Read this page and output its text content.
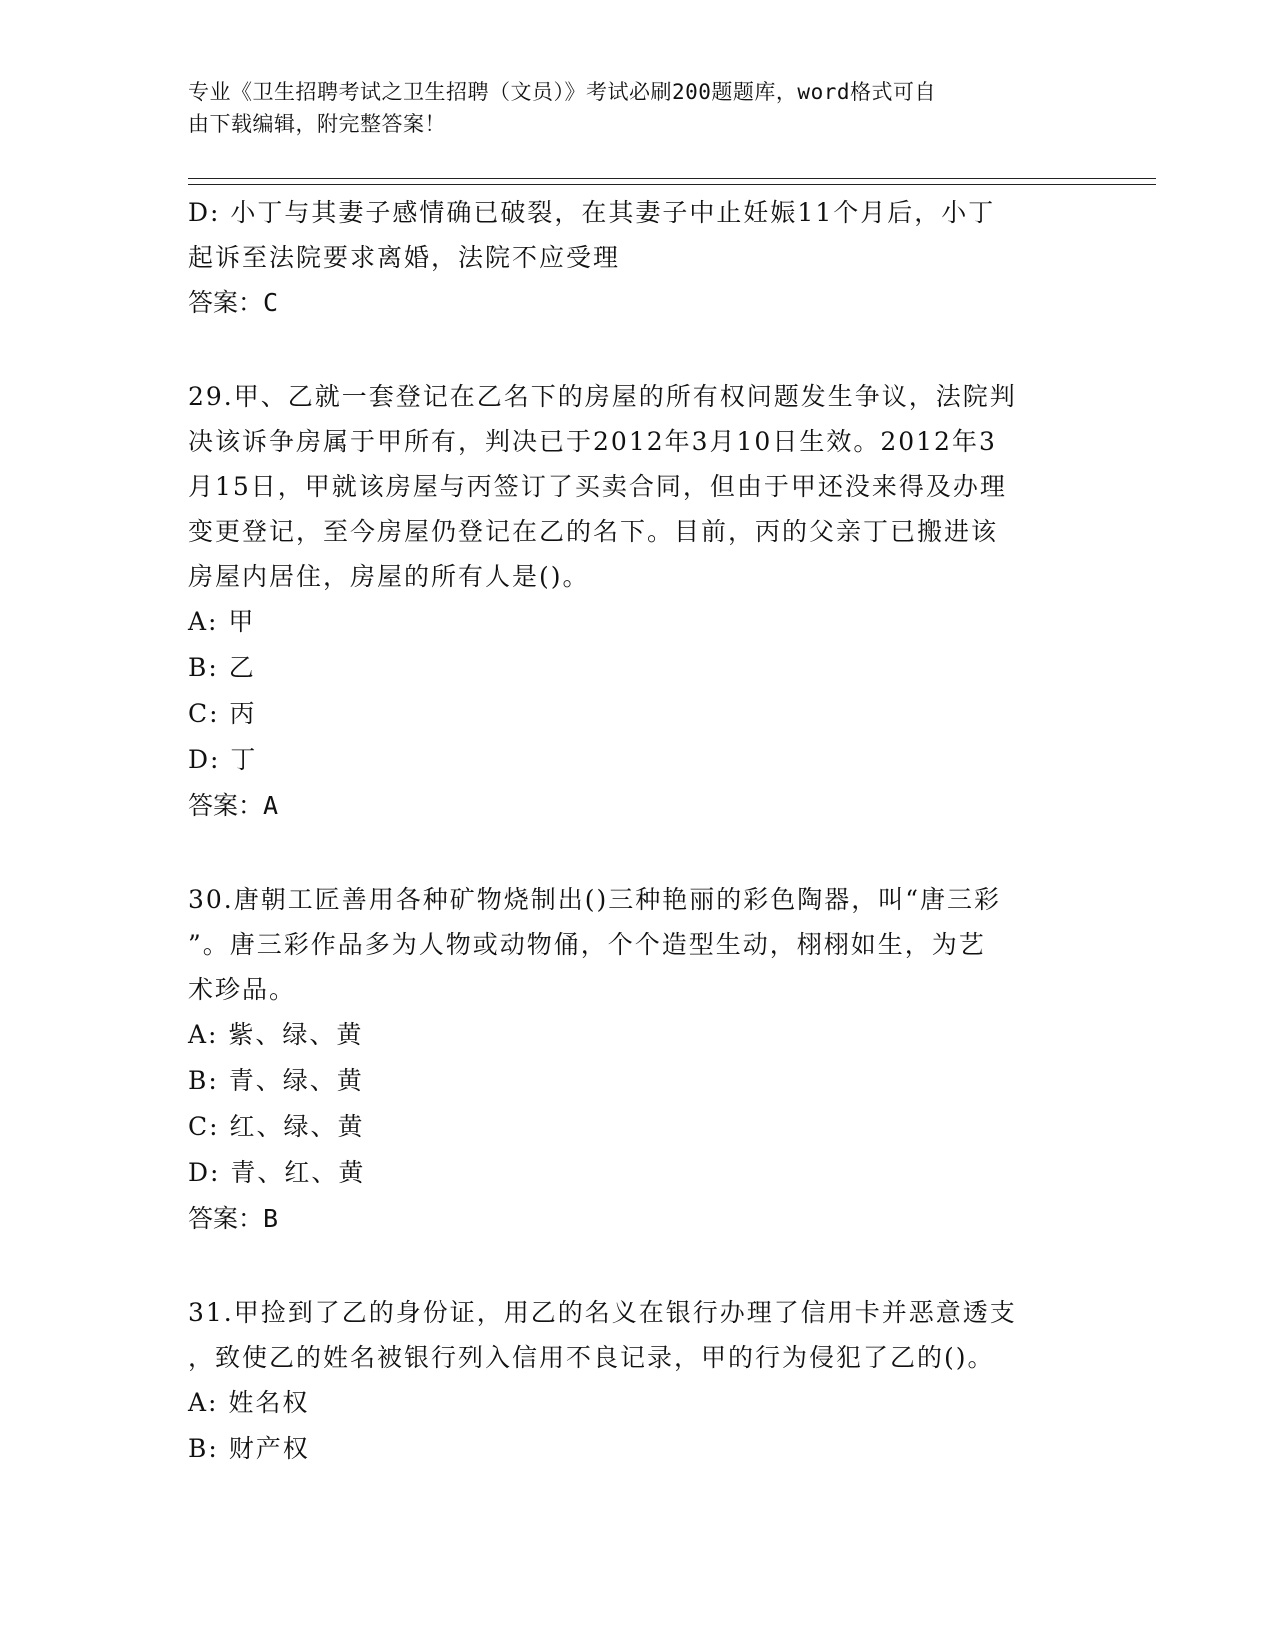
专业《卫生招聘考试之卫生招聘（文员）》考试必刷200题题库，word格式可自
由下载编辑，附完整答案！

D: 小丁与其妻子感情确已破裂，在其妻子中止妊娠11个月后，小丁

起诉至法院要求离婚，法院不应受理

答案：C

29.甲、乙就一套登记在乙名下的房屋的所有权问题发生争议，法院判

决该诉争房属于甲所有，判决已于2012年3月10日生效。2012年3

月15日，甲就该房屋与丙签订了买卖合同，但由于甲还没来得及办理

变更登记，至今房屋仍登记在乙的名下。目前，丙的父亲丁已搬进该

房屋内居住，房屋的所有人是()。

A: 甲

B: 乙

C: 丙

D: 丁

答案：A

30.唐朝工匠善用各种矿物烧制出()三种艳丽的彩色陶器，叫“唐三彩

”。唐三彩作品多为人物或动物俑，个个造型生动，栩栩如生，为艺

术珍品。

A: 紫、绿、黄

B: 青、绿、黄

C: 红、绿、黄

D: 青、红、黄

答案：B

31.甲捡到了乙的身份证，用乙的名义在银行办理了信用卡并恶意透支

，致使乙的姓名被银行列入信用不良记录，甲的行为侵犯了乙的()。

A: 姓名权

B: 财产权
